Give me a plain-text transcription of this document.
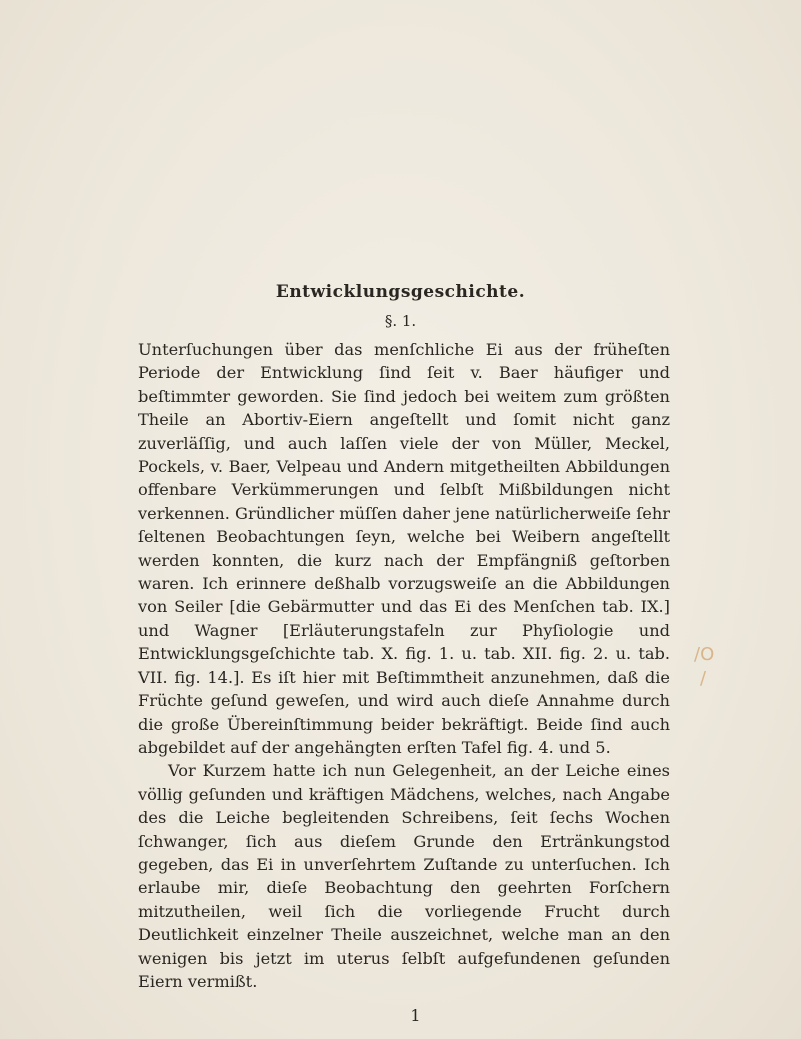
Entwicklungsgeschichte.
§. 1.

Unterſuchungen über das menſchliche Ei aus der früheſten Periode der Entwicklung ſind ſeit v. Baer häufiger und beſtimmter geworden. Sie ſind jedoch bei weitem zum größten Theile an Abortiv-Eiern angeſtellt und ſomit nicht ganz zuverläſſig, und auch laſſen viele der von Müller, Meckel, Pockels, v. Baer, Velpeau und Andern mitgetheilten Abbildungen offenbare Verkümmerungen und ſelbſt Mißbildungen nicht verkennen. Gründlicher müſſen daher jene natürlicherweiſe ſehr ſeltenen Beobachtungen ſeyn, welche bei Weibern angeſtellt werden konnten, die kurz nach der Empfängniß geſtorben waren. Ich erinnere deßhalb vorzugsweiſe an die Abbildungen von Seiler [die Gebärmutter und das Ei des Menſchen tab. IX.] und Wagner [Erläuterungstafeln zur Phyſiologie und Entwicklungsgeſchichte tab. X. fig. 1. u. tab. XII. fig. 2. u. tab. VII. fig. 14.]. Es iſt hier mit Beſtimmtheit anzunehmen, daß die Früchte geſund geweſen, und wird auch dieſe Annahme durch die große Übereinſtimmung beider bekräftigt. Beide ſind auch abgebildet auf der angehängten erſten Tafel fig. 4. und 5.

Vor Kurzem hatte ich nun Gelegenheit, an der Leiche eines völlig geſunden und kräftigen Mädchens, welches, nach Angabe des die Leiche begleitenden Schreibens, ſeit ſechs Wochen ſchwanger, ſich aus dieſem Grunde den Ertränkungstod gegeben, das Ei in unverſehrtem Zuſtande zu unterſuchen. Ich erlaube mir, dieſe Beobachtung den geehrten Forſchern mitzutheilen, weil ſich die vorliegende Frucht durch Deutlichkeit einzelner Theile auszeichnet, welche man an den wenigen bis jetzt im uterus ſelbſt aufgefundenen geſunden Eiern vermißt.

/O
/
1
